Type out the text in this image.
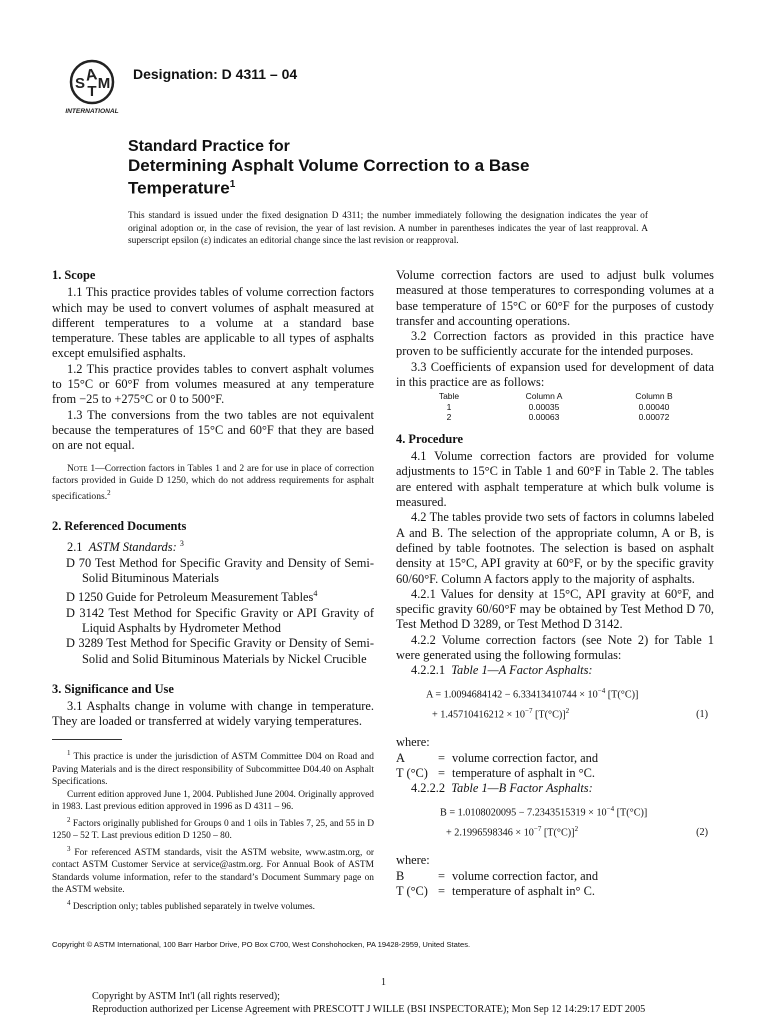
A
S T M
INTERNATIONAL
Designation: D 4311 – 04
Standard Practice for
Determining Asphalt Volume Correction to a Base
Temperature$^1$
This standard is issued under the fixed designation D 4311; the number immediately following the designation indicates the year of original adoption or, in the case of revision, the year of last revision. A number in parentheses indicates the year of last reapproval. A superscript epsilon (ε) indicates an editorial change since the last revision or reapproval.

1. Scope

1.1 This practice provides tables of volume correction factors which may be used to convert volumes of asphalt measured at different temperatures to a volume at a standard base temperature. These tables are applicable to all types of asphalts except emulsified asphalts.

1.2 This practice provides tables to convert asphalt volumes to 15°C or 60°F from volumes measured at any temperature from −25 to +275°C or 0 to 500°F.

1.3 The conversions from the two tables are not equivalent because the temperatures of 15°C and 60°F that they are based on are not equal.

Note 1—Correction factors in Tables 1 and 2 are for use in place of correction factors provided in Guide D 1250, which do not address requirements for asphalt specifications.$^2$

2. Referenced Documents

2.1 ASTM Standards: $^3$

D 70 Test Method for Specific Gravity and Density of Semi-Solid Bituminous Materials

D 1250 Guide for Petroleum Measurement Tables$^4$

D 3142 Test Method for Specific Gravity or API Gravity of Liquid Asphalts by Hydrometer Method

D 3289 Test Method for Specific Gravity or Density of Semi-Solid and Solid Bituminous Materials by Nickel Crucible

3. Significance and Use

3.1 Asphalts change in volume with change in temperature. They are loaded or transferred at widely varying temperatures.

$^1$ This practice is under the jurisdiction of ASTM Committee D04 on Road and Paving Materials and is the direct responsibility of Subcommittee D04.40 on Asphalt Specifications.

Current edition approved June 1, 2004. Published June 2004. Originally approved in 1983. Last previous edition approved in 1996 as D 4311 – 96.

$^2$ Factors originally published for Groups 0 and 1 oils in Tables 7, 25, and 55 in D 1250 – 52 T. Last previous edition D 1250 – 80.

$^3$ For referenced ASTM standards, visit the ASTM website, www.astm.org, or contact ASTM Customer Service at service@astm.org. For Annual Book of ASTM Standards volume information, refer to the standard’s Document Summary page on the ASTM website.

$^4$ Description only; tables published separately in twelve volumes.

Volume correction factors are used to adjust bulk volumes measured at those temperatures to corresponding volumes at a base temperature of 15°C or 60°F for the purposes of custody transfer and accounting operations.

3.2 Correction factors as provided in this practice have proven to be sufficiently accurate for the intended purposes.

3.3 Coefficients of expansion used for development of data in this practice are as follows:

Table	Column A	Column B
1	0.00035	0.00040
2	0.00063	0.00072

4. Procedure

4.1 Volume correction factors are provided for volume adjustments to 15°C in Table 1 and 60°F in Table 2. The tables are entered with asphalt temperature at which bulk volume is measured.

4.2 The tables provide two sets of factors in columns labeled A and B. The selection of the appropriate column, A or B, is defined by table footnotes. The selection is based on asphalt density at 15°C, API gravity at 60°F, or by the specific gravity 60/60°F. Column A factors apply to the majority of asphalts.

4.2.1 Values for density at 15°C, API gravity at 60°F, and specific gravity 60/60°F may be obtained by Test Method D 70, Test Method D 3289, or Test Method D 3142.

4.2.2 Volume correction factors (see Note 2) for Table 1 were generated using the following formulas:

4.2.2.1 Table 1—A Factor Asphalts:

$A = 1.0094684142 - 6.33413410744 \times 10^{-4}$ [T(°C)]
+ $1.45710416212 \times 10^{-7}$ $[T(^\circ C)]^2$	(1)

where:

A	=	volume correction factor, and
T (°C)	=	temperature of asphalt in °C.

4.2.2.2 Table 1—B Factor Asphalts:

$B = 1.0108020095 - 7.2343515319 \times 10^{-4}$ [T(°C)]
+ $2.1996598346 \times 10^{-7}$ $[T(^\circ C)]^2$	(2)

where:

B	=	volume correction factor, and
T (°C)	=	temperature of asphalt in° C.
Copyright © ASTM International, 100 Barr Harbor Drive, PO Box C700, West Conshohocken, PA 19428-2959, United States.
1
Copyright by ASTM Int'l (all rights reserved);
Reproduction authorized per License Agreement with PRESCOTT J WILLE (BSI INSPECTORATE); Mon Sep 12 14:29:17 EDT 2005
